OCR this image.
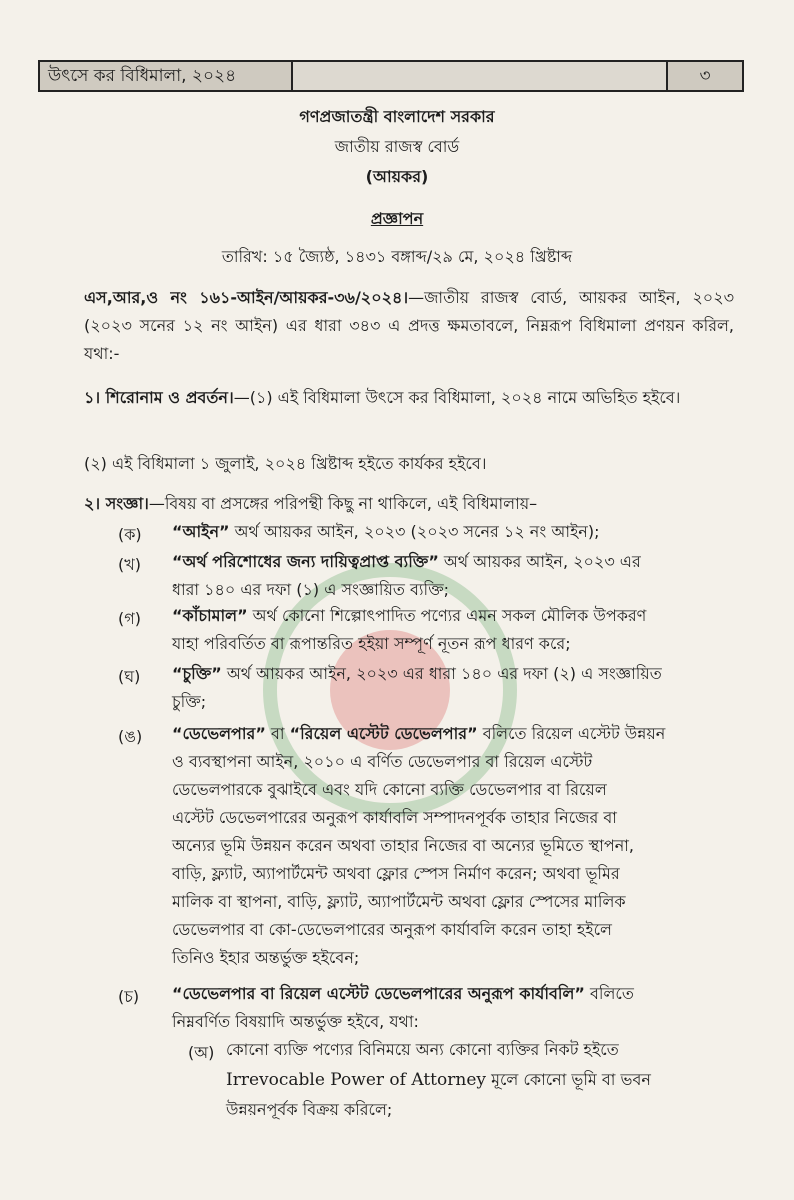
উৎসে কর বিধিমালা, ২০২৪	৩
গণপ্রজাতন্ত্রী বাংলাদেশ সরকার
জাতীয় রাজস্ব বোর্ড
(আয়কর)
প্রজ্ঞাপন
তারিখ: ১৫ জ্যৈষ্ঠ, ১৪৩১ বঙ্গাব্দ/২৯ মে, ২০২৪ খ্রিষ্টাব্দ
এস,আর,ও নং ১৬১-আইন/আয়কর-৩৬/২০২৪।—জাতীয় রাজস্ব বোর্ড, আয়কর আইন, ২০২৩ (২০২৩ সনের ১২ নং আইন) এর ধারা ৩৪৩ এ প্রদত্ত ক্ষমতাবলে, নিম্নরূপ বিধিমালা প্রণয়ন করিল, যথা:-
১। শিরোনাম ও প্রবর্তন।—(১) এই বিধিমালা উৎসে কর বিধিমালা, ২০২৪ নামে অভিহিত হইবে।
(২) এই বিধিমালা ১ জুলাই, ২০২৪ খ্রিষ্টাব্দ হইতে কার্যকর হইবে।
২। সংজ্ঞা।—বিষয় বা প্রসঙ্গের পরিপন্থী কিছু না থাকিলে, এই বিধিমালায়–
(ক) “আইন” অর্থ আয়কর আইন, ২০২৩ (২০২৩ সনের ১২ নং আইন);
(খ) “অর্থ পরিশোধের জন্য দায়িত্বপ্রাপ্ত ব্যক্তি” অর্থ আয়কর আইন, ২০২৩ এর
ধারা ১৪০ এর দফা (১) এ সংজ্ঞায়িত ব্যক্তি;
(গ) “কাঁচামাল” অর্থ কোনো শিল্পোৎপাদিত পণ্যের এমন সকল মৌলিক উপকরণ
যাহা পরিবর্তিত বা রূপান্তরিত হইয়া সম্পূর্ণ নূতন রূপ ধারণ করে;
(ঘ) “চুক্তি” অর্থ আয়কর আইন, ২০২৩ এর ধারা ১৪০ এর দফা (২) এ সংজ্ঞায়িত
চুক্তি;
(ঙ) “ডেভেলপার” বা “রিয়েল এস্টেট ডেভেলপার” বলিতে রিয়েল এস্টেট উন্নয়ন
ও ব্যবস্থাপনা আইন, ২০১০ এ বর্ণিত ডেভেলপার বা রিয়েল এস্টেট
ডেভেলপারকে বুঝাইবে এবং যদি কোনো ব্যক্তি ডেভেলপার বা রিয়েল
এস্টেট ডেভেলপারের অনুরূপ কার্যাবলি সম্পাদনপূর্বক তাহার নিজের বা
অন্যের ভূমি উন্নয়ন করেন অথবা তাহার নিজের বা অন্যের ভূমিতে স্থাপনা,
বাড়ি, ফ্ল্যাট, অ্যাপার্টমেন্ট অথবা ফ্লোর স্পেস নির্মাণ করেন; অথবা ভূমির
মালিক বা স্থাপনা, বাড়ি, ফ্ল্যাট, অ্যাপার্টমেন্ট অথবা ফ্লোর স্পেসের মালিক
ডেভেলপার বা কো-ডেভেলপারের অনুরূপ কার্যাবলি করেন তাহা হইলে
তিনিও ইহার অন্তর্ভুক্ত হইবেন;
(চ) “ডেভেলপার বা রিয়েল এস্টেট ডেভেলপারের অনুরূপ কার্যাবলি” বলিতে
নিম্নবর্ণিত বিষয়াদি অন্তর্ভুক্ত হইবে, যথা:
(অ) কোনো ব্যক্তি পণ্যের বিনিময়ে অন্য কোনো ব্যক্তির নিকট হইতে
Irrevocable Power of Attorney মূলে কোনো ভূমি বা ভবন
উন্নয়নপূর্বক বিক্রয় করিলে;
